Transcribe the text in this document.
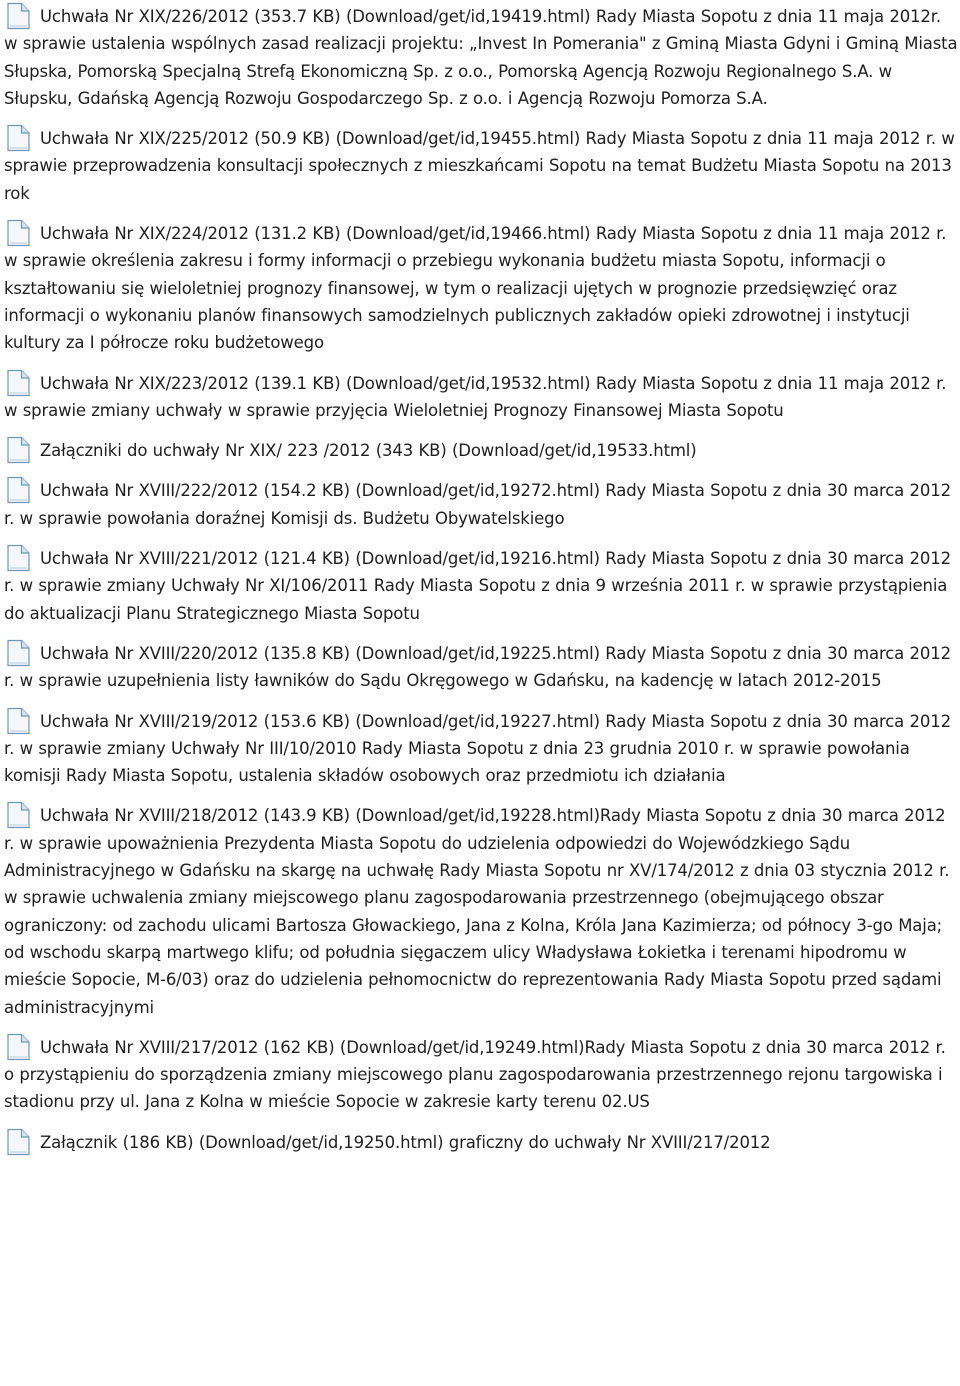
Uchwała Nr XIX/226/2012 (353.7 KB) (Download/get/id,19419.html) Rady Miasta Sopotu z dnia 11 maja 2012r. w sprawie ustalenia wspólnych zasad realizacji projektu: „Invest In Pomerania" z Gminą Miasta Gdyni i Gminą Miasta Słupska, Pomorską Specjalną Strefą Ekonomiczną Sp. z o.o., Pomorską Agencją Rozwoju Regionalnego S.A. w Słupsku, Gdańską Agencją Rozwoju Gospodarczego Sp. z o.o. i Agencją Rozwoju Pomorza S.A.
Uchwała Nr XIX/225/2012 (50.9 KB) (Download/get/id,19455.html) Rady Miasta Sopotu z dnia 11 maja 2012 r. w sprawie przeprowadzenia konsultacji społecznych z mieszkańcami Sopotu na temat Budżetu Miasta Sopotu na 2013 rok
Uchwała Nr XIX/224/2012 (131.2 KB) (Download/get/id,19466.html) Rady Miasta Sopotu z dnia 11 maja 2012 r. w sprawie określenia zakresu i formy informacji o przebiegu wykonania budżetu miasta Sopotu, informacji o kształtowaniu się wieloletniej prognozy finansowej, w tym o realizacji ujętych w prognozie przedsięwzięć oraz informacji o wykonaniu planów finansowych samodzielnych publicznych zakładów opieki zdrowotnej i instytucji kultury za I półrocze roku budżetowego
Uchwała Nr XIX/223/2012 (139.1 KB) (Download/get/id,19532.html) Rady Miasta Sopotu z dnia 11 maja 2012 r. w sprawie zmiany uchwały w sprawie przyjęcia Wieloletniej Prognozy Finansowej Miasta Sopotu
Załączniki do uchwały Nr XIX/ 223 /2012 (343 KB) (Download/get/id,19533.html)
Uchwała Nr XVIII/222/2012 (154.2 KB) (Download/get/id,19272.html) Rady Miasta Sopotu z dnia 30 marca 2012 r. w sprawie powołania doraźnej Komisji ds. Budżetu Obywatelskiego
Uchwała Nr XVIII/221/2012 (121.4 KB) (Download/get/id,19216.html) Rady Miasta Sopotu z dnia 30 marca 2012 r. w sprawie zmiany Uchwały Nr XI/106/2011 Rady Miasta Sopotu z dnia 9 września 2011 r. w sprawie przystąpienia do aktualizacji Planu Strategicznego Miasta Sopotu
Uchwała Nr XVIII/220/2012 (135.8 KB) (Download/get/id,19225.html) Rady Miasta Sopotu z dnia 30 marca 2012 r. w sprawie uzupełnienia listy ławników do Sądu Okręgowego w Gdańsku, na kadencję w latach 2012-2015
Uchwała Nr XVIII/219/2012 (153.6 KB) (Download/get/id,19227.html) Rady Miasta Sopotu z dnia 30 marca 2012 r. w sprawie zmiany Uchwały Nr III/10/2010 Rady Miasta Sopotu z dnia 23 grudnia 2010 r. w sprawie powołania komisji Rady Miasta Sopotu, ustalenia składów osobowych oraz przedmiotu ich działania
Uchwała Nr XVIII/218/2012 (143.9 KB) (Download/get/id,19228.html)Rady Miasta Sopotu z dnia 30 marca 2012 r. w sprawie upoważnienia Prezydenta Miasta Sopotu do udzielenia odpowiedzi do Wojewódzkiego Sądu Administracyjnego w Gdańsku na skargę na uchwałę Rady Miasta Sopotu nr XV/174/2012 z dnia 03 stycznia 2012 r. w sprawie uchwalenia zmiany miejscowego planu zagospodarowania przestrzennego (obejmującego obszar ograniczony: od zachodu ulicami Bartosza Głowackiego, Jana z Kolna, Króla Jana Kazimierza; od północy 3-go Maja; od wschodu skarpą martwego klifu; od południa sięgaczem ulicy Władysława Łokietka i terenami hipodromu w mieście Sopocie, M-6/03) oraz do udzielenia pełnomocnictw do reprezentowania Rady Miasta Sopotu przed sądami administracyjnymi
Uchwała Nr XVIII/217/2012 (162 KB) (Download/get/id,19249.html)Rady Miasta Sopotu z dnia 30 marca 2012 r. o przystąpieniu do sporządzenia zmiany miejscowego planu zagospodarowania przestrzennego rejonu targowiska i stadionu przy ul. Jana z Kolna w mieście Sopocie w zakresie karty terenu 02.US
Załącznik (186 KB) (Download/get/id,19250.html) graficzny do uchwały Nr XVIII/217/2012
